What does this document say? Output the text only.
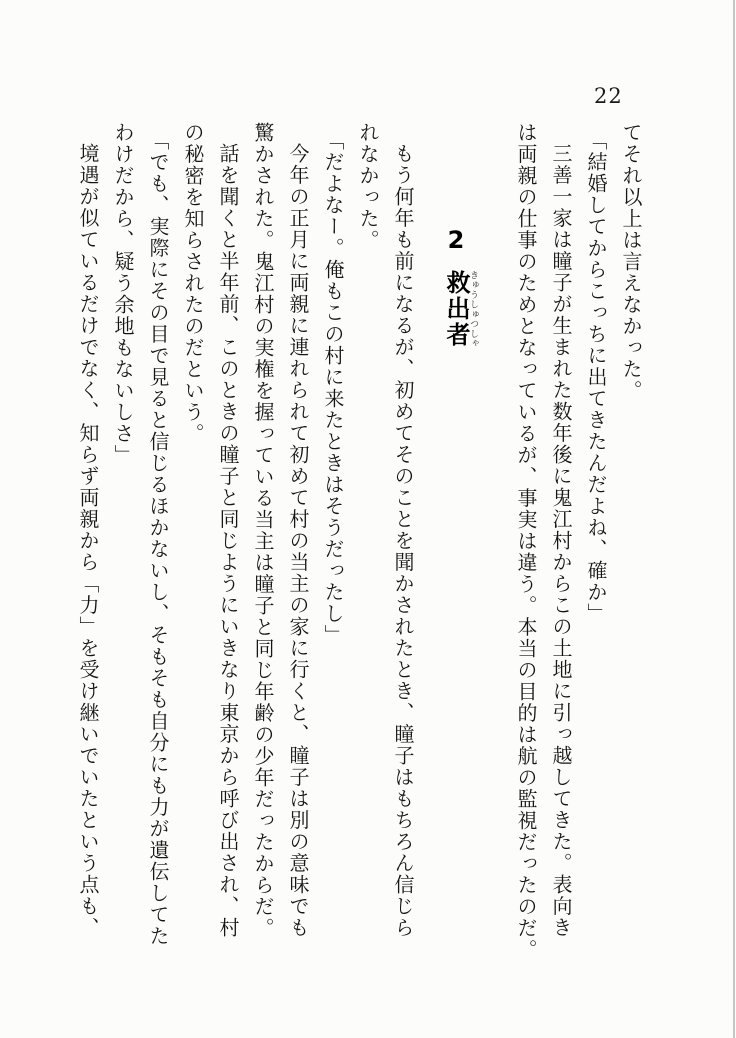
22

てそれ以上は言えなかった。

「結婚してからこっちに出てきたんだよね、確か」

三善一家は瞳子が生まれた数年後に鬼江村からこの土地に引っ越してきた。表向き

は両親の仕事のためとなっているが、事実は違う。本当の目的は航の監視だったのだ。

2救出者きゅうしゅつしゃ

もう何年も前になるが、初めてそのことを聞かされたとき、瞳子はもちろん信じら

れなかった。

「だよなー。俺もこの村に来たときはそうだったし」

今年の正月に両親に連れられて初めて村の当主の家に行くと、瞳子は別の意味でも

驚かされた。鬼江村の実権を握っている当主は瞳子と同じ年齢の少年だったからだ。

話を聞くと半年前、このときの瞳子と同じようにいきなり東京から呼び出され、村

の秘密を知らされたのだという。

「でも、実際にその目で見ると信じるほかないし、そもそも自分にも力が遺伝してた

わけだから、疑う余地もないしさ」

境遇が似ているだけでなく、知らず両親から「力」を受け継いでいたという点も、
